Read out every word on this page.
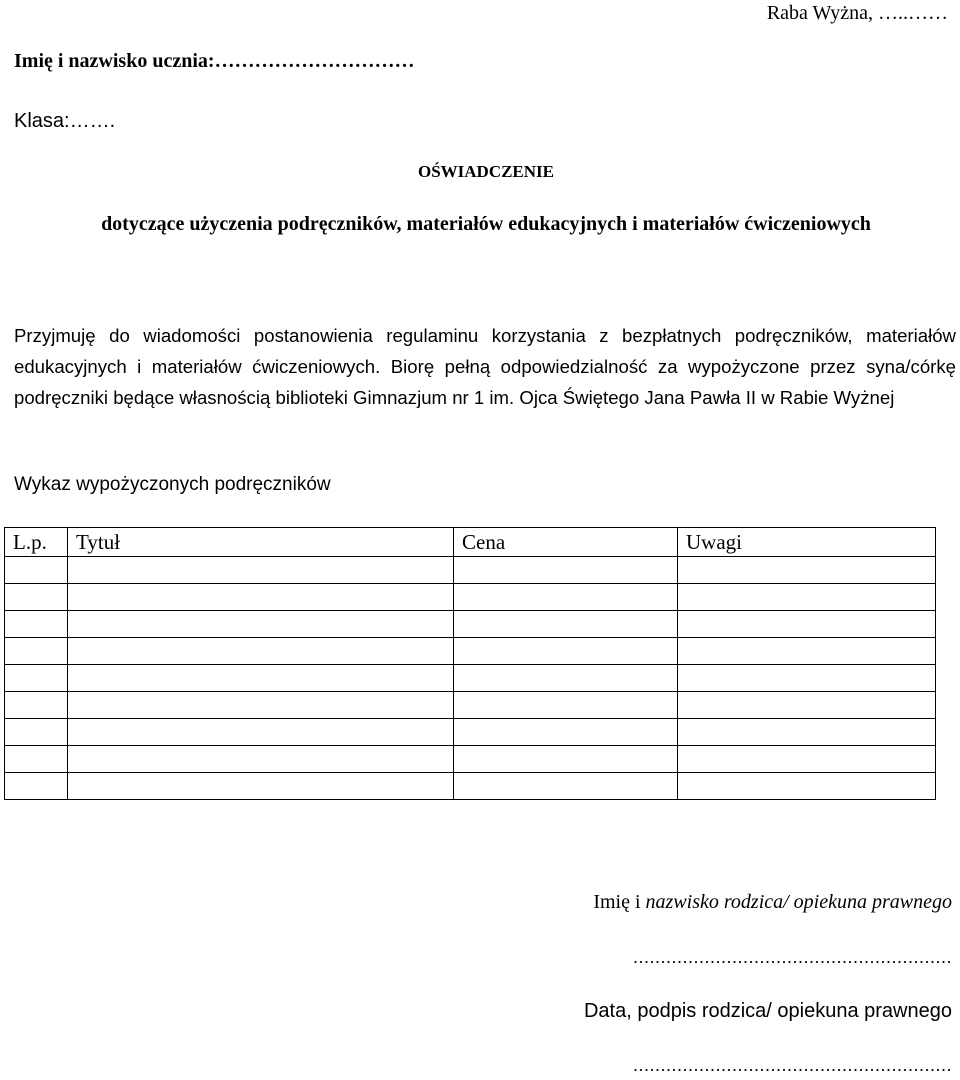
Raba Wyżna, …..……
Imię i nazwisko ucznia:…………………………
Klasa:…….
OŚWIADCZENIE
dotyczące użyczenia podręczników, materiałów edukacyjnych i materiałów ćwiczeniowych
Przyjmuję do wiadomości postanowienia regulaminu korzystania z bezpłatnych podręczników, materiałów edukacyjnych i materiałów ćwiczeniowych. Biorę pełną odpowiedzialność za wypożyczone przez syna/córkę podręczniki będące własnością biblioteki Gimnazjum nr 1 im. Ojca Świętego Jana Pawła II w Rabie Wyżnej
Wykaz wypożyczonych podręczników
L.p.	Tytuł	Cena	Uwagi

Imię i nazwisko rodzica/ opiekuna prawnego
..........................................................
Data, podpis rodzica/ opiekuna prawnego
..........................................................
